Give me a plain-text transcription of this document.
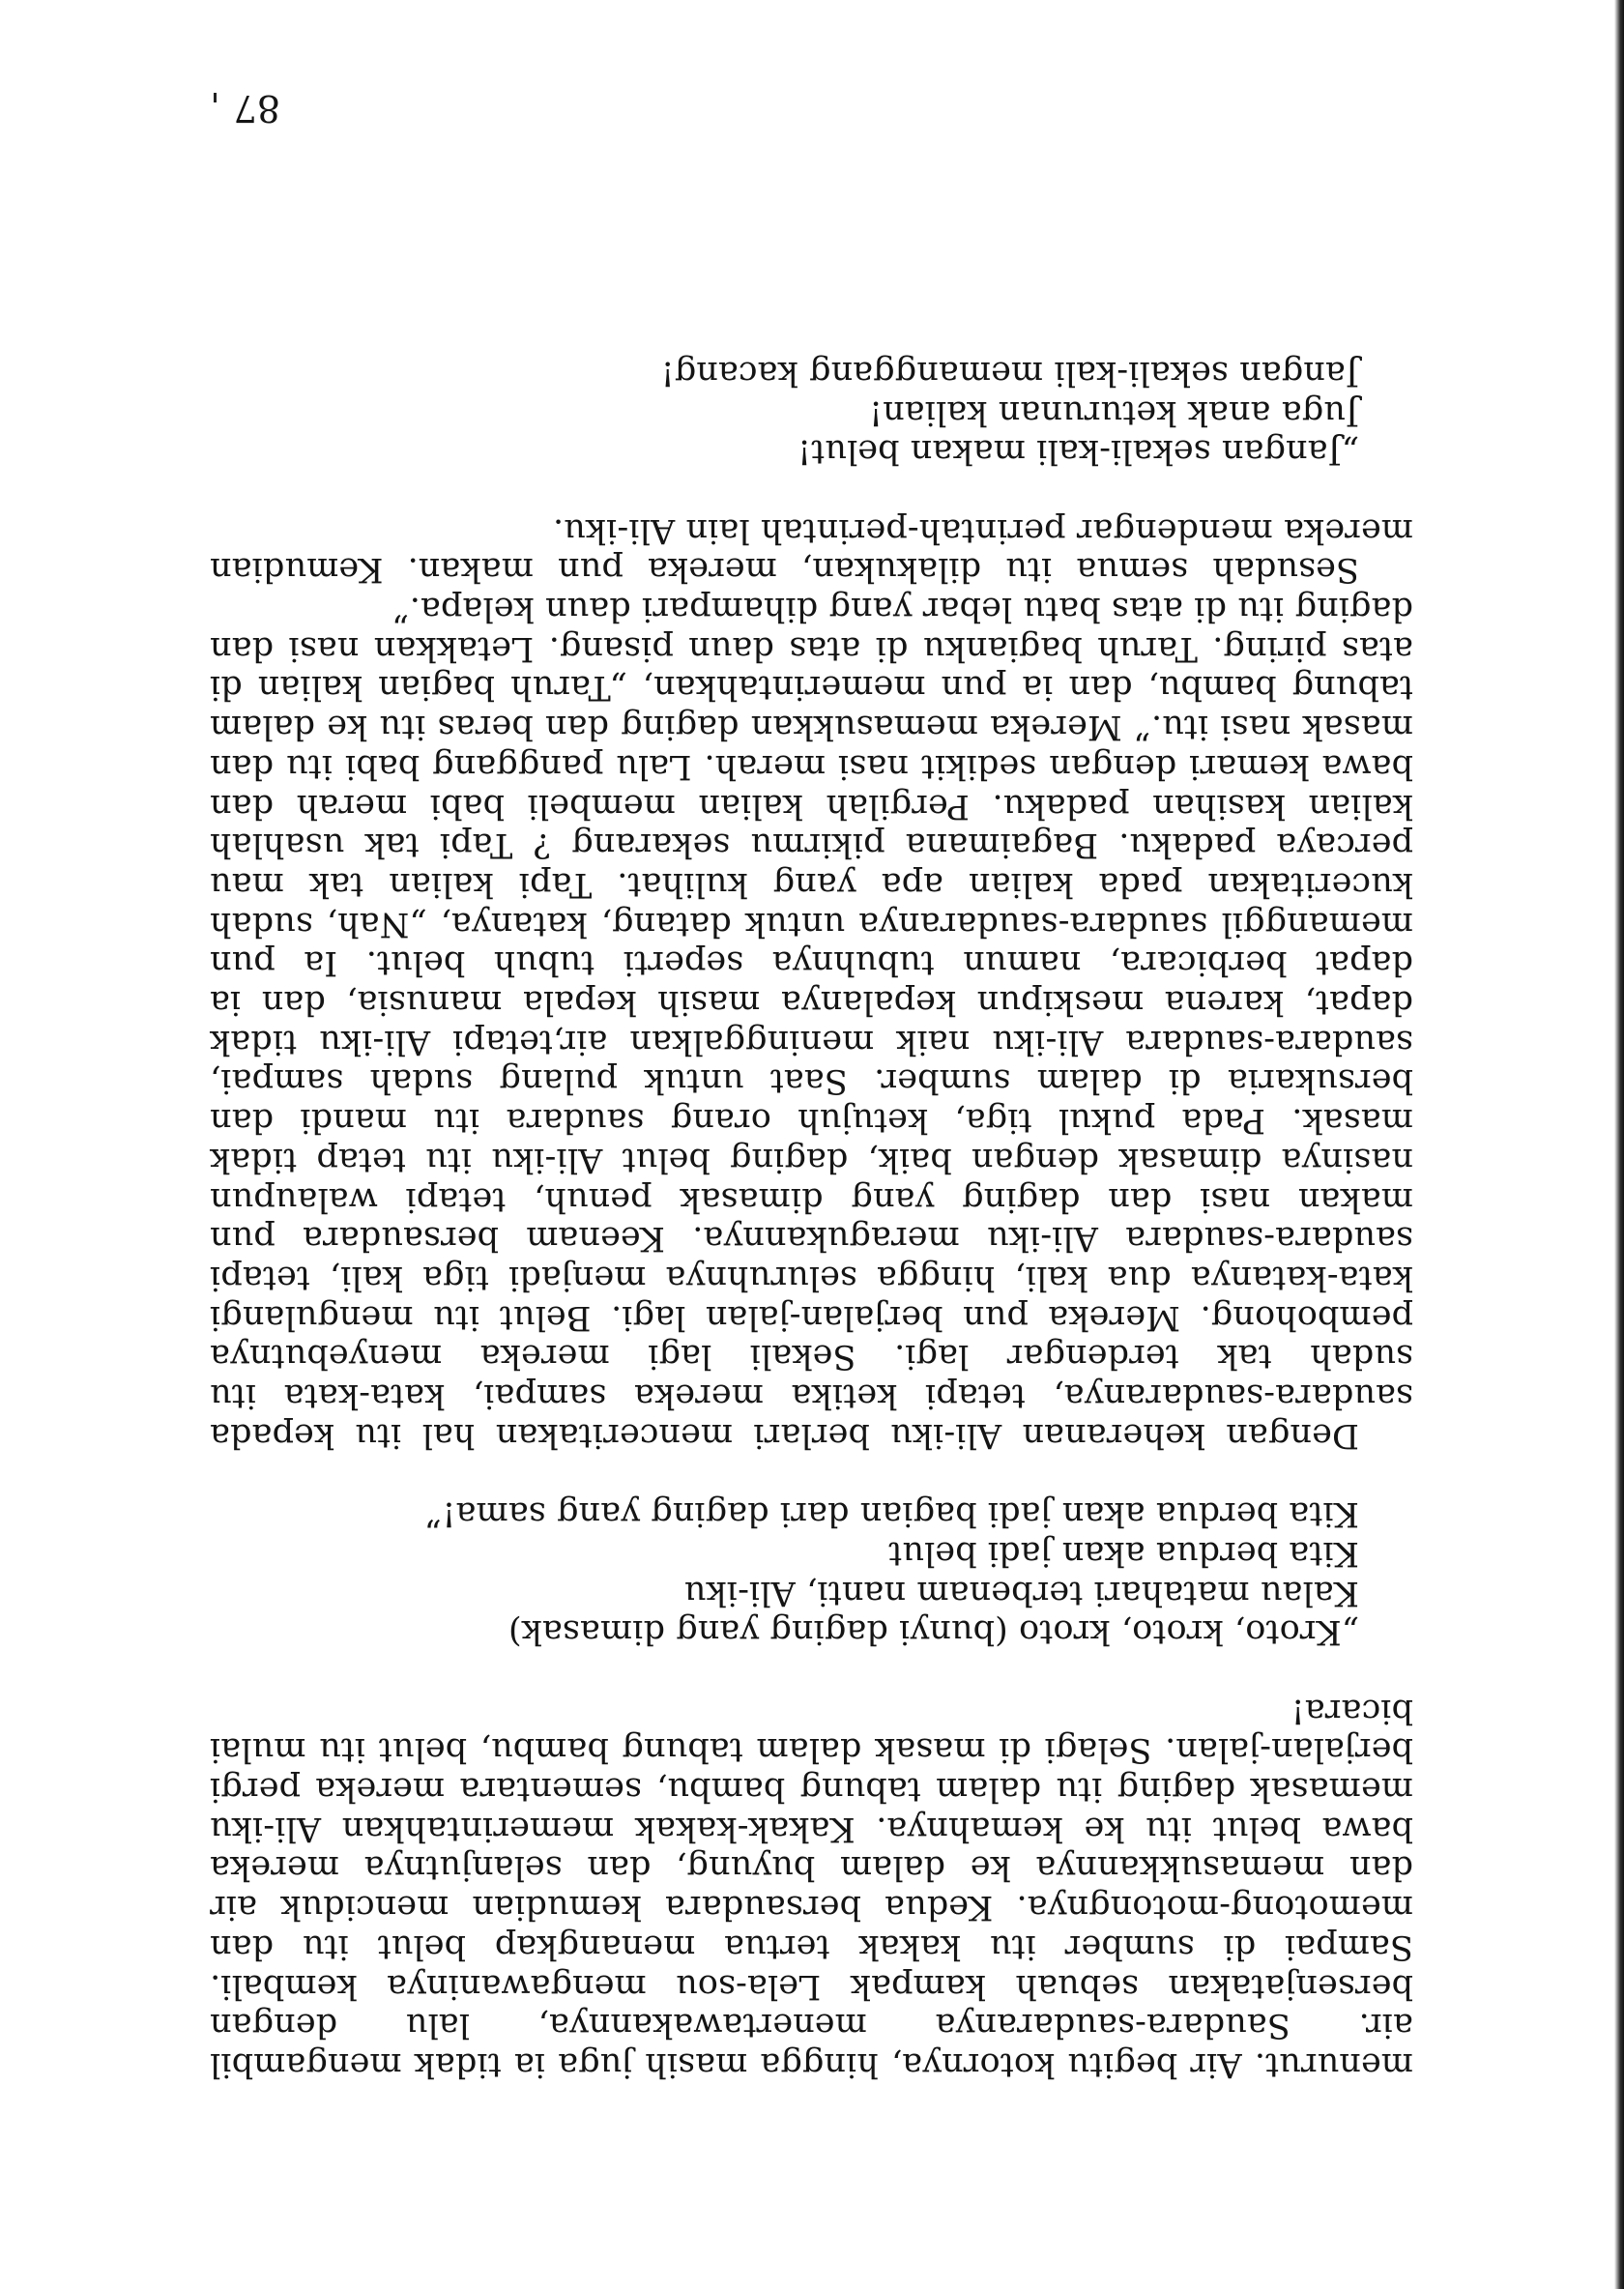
menurut. Air begitu kotornya, hingga masih juga ia tidak mengambil air. Saudara-saudaranya menertawakannya, lalu dengan bersenjatakan sebuah kampak Lela-sou mengawaninya kembali. Sampai di sumber itu kakak tertua menangkap belut itu dan memotong-motongnya. Kedua bersaudara kemudian menciduk air dan memasukkannya ke dalam buyung, dan selanjutnya mereka bawa belut itu ke kemahnya. Kakak-kakak memerintahkan Ali-iku memasak daging itu dalam tabung bambu, sementara mereka pergi berjalan-jalan. Selagi di masak dalam tabung bambu, belut itu mulai bicara!

„Kroto, kroto, kroto (bunyi daging yang dimasak)
Kalau matahari terbenam nanti, Ali-iku
Kita berdua akan jadi belut
Kita berdua akan jadi bagian dari daging yang sama!”

Dengan keheranan Ali-iku berlari menceritakan hal itu kepada saudara-saudaranya, tetapi ketika mereka sampai, kata-kata itu sudah tak terdengar lagi. Sekali lagi mereka menyebutnya pembohong. Mereka pun berjalan-jalan lagi. Belut itu mengulangi kata-katanya dua kali, hingga seluruhnya menjadi tiga kali, tetapi saudara-saudara Ali-iku meragukannya. Keenam bersaudara pun makan nasi dan daging yang dimasak penuh, tetapi walaupun nasinya dimasak dengan baik, daging belut Ali-iku itu tetap tidak masak. Pada pukul tiga, ketujuh orang saudara itu mandi dan bersukaria di dalam sumber. Saat untuk pulang sudah sampai, saudara-saudara Ali-iku naik meninggalkan air,tetapi Ali-iku tidak dapat, karena meskipun kepalanya masih kepala manusia, dan ia dapat berbicara, namun tubuhnya seperti tubuh belut. Ia pun memanggil saudara-saudaranya untuk datang, katanya, „Nah, sudah kuceritakan pada kalian apa yang kulihat. Tapi kalian tak mau percaya padaku. Bagaimana pikirmu sekarang ? Tapi tak usahlah kalian kasihan padaku. Pergilah kalian membeli babi merah dan bawa kemari dengan sedikit nasi merah. Lalu panggang babi itu dan masak nasi itu.” Mereka memasukkan daging dan beras itu ke dalam tabung bambu, dan ia pun memerintahkan, „Taruh bagian kalian di atas piring. Taruh bagianku di atas daun pisang. Letakkan nasi dan daging itu di atas batu lebar yang dihampari daun kelapa.”

Sesudah semua itu dilakukan, mereka pun makan. Kemudian mereka mendengar perintah-perintah lain Ali-iku.

„Jangan sekali-kali makan belut!
Juga anak keturunan kalian!
Jangan sekali-kali memanggang kacang!
87
